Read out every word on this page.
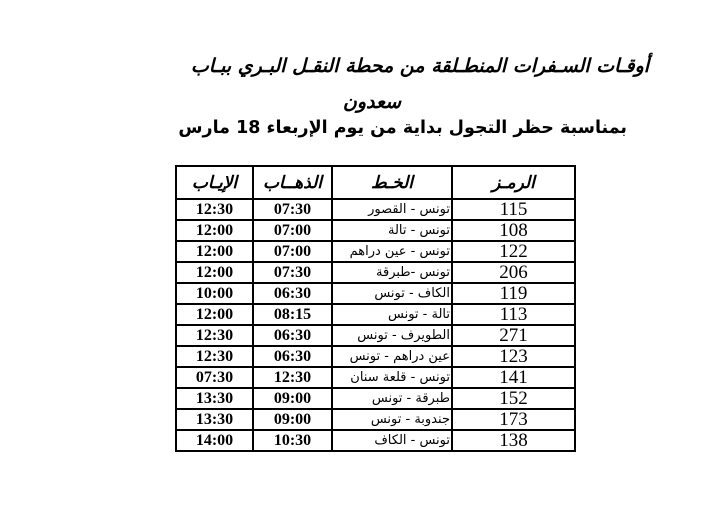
أوقـات السـفرات المنطـلقة من محطة النقـل البـري ببـاب
سعدون
بمناسبة حظر التجول بداية من يوم الإربعاء 18 مارس
الرمـز	الخـط	الذهــاب	الإيـاب
115	تونس - القصور	07:30	12:30
108	تونس - تالة	07:00	12:00
122	تونس - عين دراهم	07:00	12:00
206	تونس -طبرقة	07:30	12:00
119	الكاف - تونس	06:30	10:00
113	تالة - تونس	08:15	12:00
271	الطويرف - تونس	06:30	12:30
123	عين دراهم - تونس	06:30	12:30
141	تونس - قلعة سنان	12:30	07:30
152	طبرقة - تونس	09:00	13:30
173	جندوبة - تونس	09:00	13:30
138	تونس - الكاف	10:30	14:00
